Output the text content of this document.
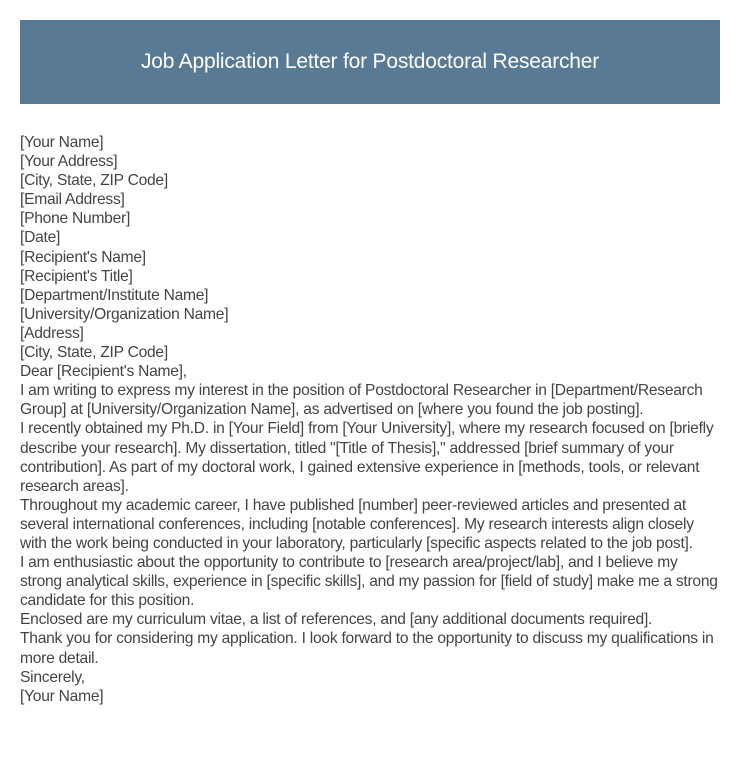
Job Application Letter for Postdoctoral Researcher

[Your Name]

[Your Address]

[City, State, ZIP Code]

[Email Address]

[Phone Number]

[Date]

[Recipient's Name]

[Recipient's Title]

[Department/Institute Name]

[University/Organization Name]

[Address]

[City, State, ZIP Code]

Dear [Recipient's Name],

I am writing to express my interest in the position of Postdoctoral Researcher in [Department/Research Group] at [University/Organization Name], as advertised on [where you found the job posting].

I recently obtained my Ph.D. in [Your Field] from [Your University], where my research focused on [briefly describe your research]. My dissertation, titled "[Title of Thesis]," addressed [brief summary of your contribution]. As part of my doctoral work, I gained extensive experience in [methods, tools, or relevant research areas].

Throughout my academic career, I have published [number] peer-reviewed articles and presented at several international conferences, including [notable conferences]. My research interests align closely with the work being conducted in your laboratory, particularly [specific aspects related to the job post].

I am enthusiastic about the opportunity to contribute to [research area/project/lab], and I believe my strong analytical skills, experience in [specific skills], and my passion for [field of study] make me a strong candidate for this position.

Enclosed are my curriculum vitae, a list of references, and [any additional documents required].

Thank you for considering my application. I look forward to the opportunity to discuss my qualifications in more detail.

Sincerely,

[Your Name]
